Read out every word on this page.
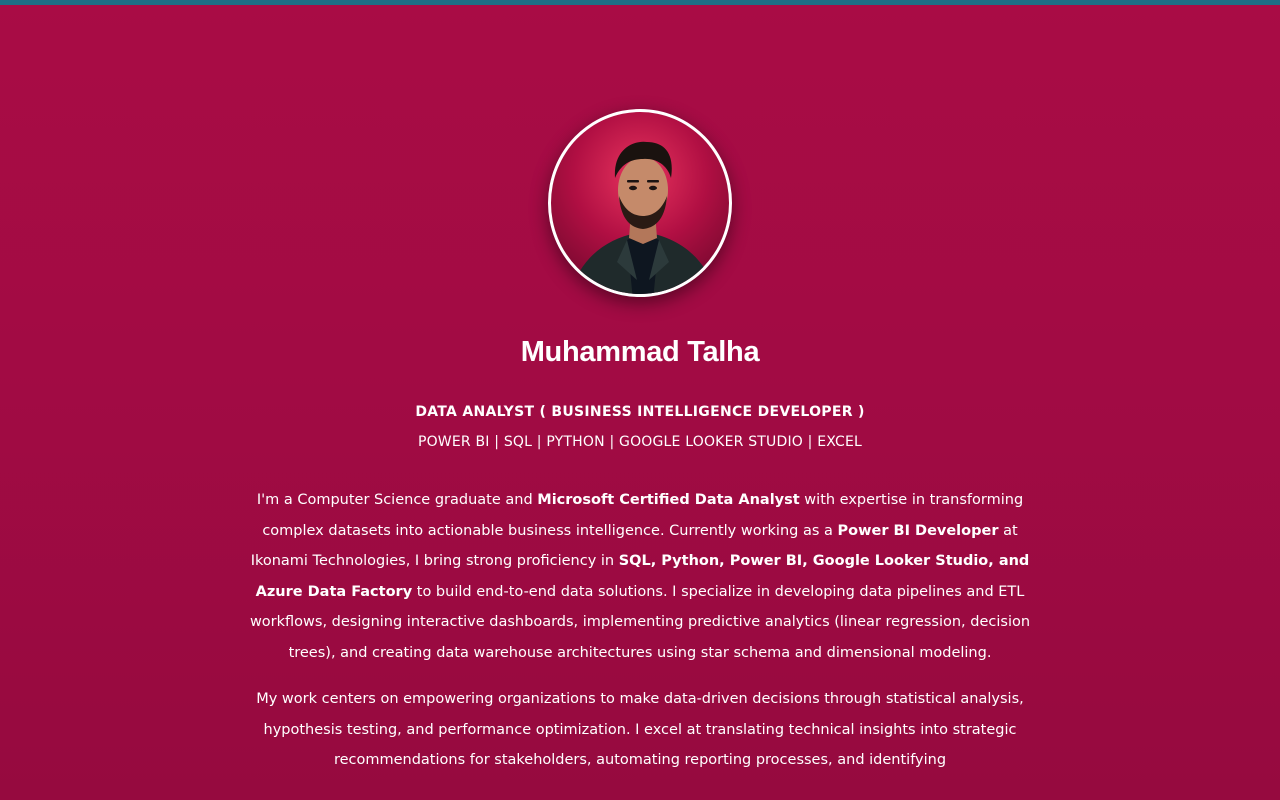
Muhammad Talha
DATA ANALYST ( BUSINESS INTELLIGENCE DEVELOPER )
POWER BI | SQL | PYTHON | GOOGLE LOOKER STUDIO | EXCEL

I'm a Computer Science graduate and Microsoft Certified Data Analyst with expertise in transforming complex datasets into actionable business intelligence. Currently working as a Power BI Developer at Ikonami Technologies, I bring strong proficiency in SQL, Python, Power BI, Google Looker Studio, and Azure Data Factory to build end-to-end data solutions. I specialize in developing data pipelines and ETL workflows, designing interactive dashboards, implementing predictive analytics (linear regression, decision trees), and creating data warehouse architectures using star schema and dimensional modeling.

My work centers on empowering organizations to make data-driven decisions through statistical analysis, hypothesis testing, and performance optimization. I excel at translating technical insights into strategic recommendations for stakeholders, automating reporting processes, and identifying
